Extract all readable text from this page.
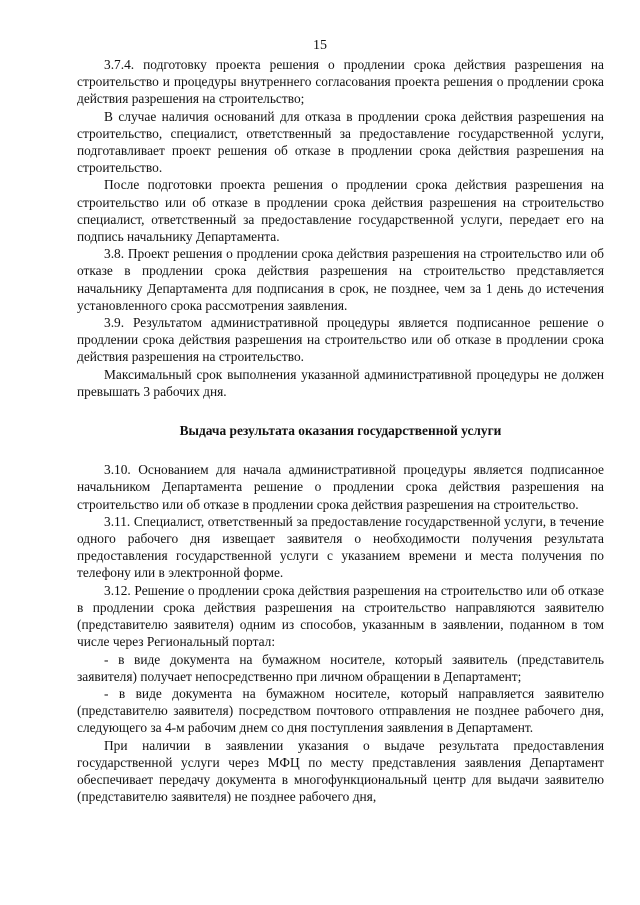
15

3.7.4. подготовку проекта решения о продлении срока действия разрешения на строительство и процедуры внутреннего согласования проекта решения о продлении срока действия разрешения на строительство;

В случае наличия оснований для отказа в продлении срока действия разрешения на строительство, специалист, ответственный за предоставление государственной услуги, подготавливает проект решения об отказе в продлении срока действия разрешения на строительство.

После подготовки проекта решения о продлении срока действия разрешения на строительство или об отказе в продлении срока действия разрешения на строительство специалист, ответственный за предоставление государственной услуги, передает его на подпись начальнику Департамента.

3.8. Проект решения о продлении срока действия разрешения на строительство или об отказе в продлении срока действия разрешения на строительство представляется начальнику Департамента для подписания в срок, не позднее, чем за 1 день до истечения установленного срока рассмотрения заявления.

3.9. Результатом административной процедуры является подписанное решение о продлении срока действия разрешения на строительство или об отказе в продлении срока действия разрешения на строительство.

Максимальный срок выполнения указанной административной процедуры не должен превышать 3 рабочих дня.

Выдача результата оказания государственной услуги

3.10. Основанием для начала административной процедуры является подписанное начальником Департамента решение о продлении срока действия разрешения на строительство или об отказе в продлении срока действия разрешения на строительство.

3.11. Специалист, ответственный за предоставление государственной услуги, в течение одного рабочего дня извещает заявителя о необходимости получения результата предоставления государственной услуги с указанием времени и места получения по телефону или в электронной форме.

3.12. Решение о продлении срока действия разрешения на строительство или об отказе в продлении срока действия разрешения на строительство направляются заявителю (представителю заявителя) одним из способов, указанным в заявлении, поданном в том числе через Региональный портал:

- в виде документа на бумажном носителе, который заявитель (представитель заявителя) получает непосредственно при личном обращении в Департамент;

- в виде документа на бумажном носителе, который направляется заявителю (представителю заявителя) посредством почтового отправления не позднее рабочего дня, следующего за 4-м рабочим днем со дня поступления заявления в Департамент.

При наличии в заявлении указания о выдаче результата предоставления государственной услуги через МФЦ по месту представления заявления Департамент обеспечивает передачу документа в многофункциональный центр для выдачи заявителю (представителю заявителя) не позднее рабочего дня,
